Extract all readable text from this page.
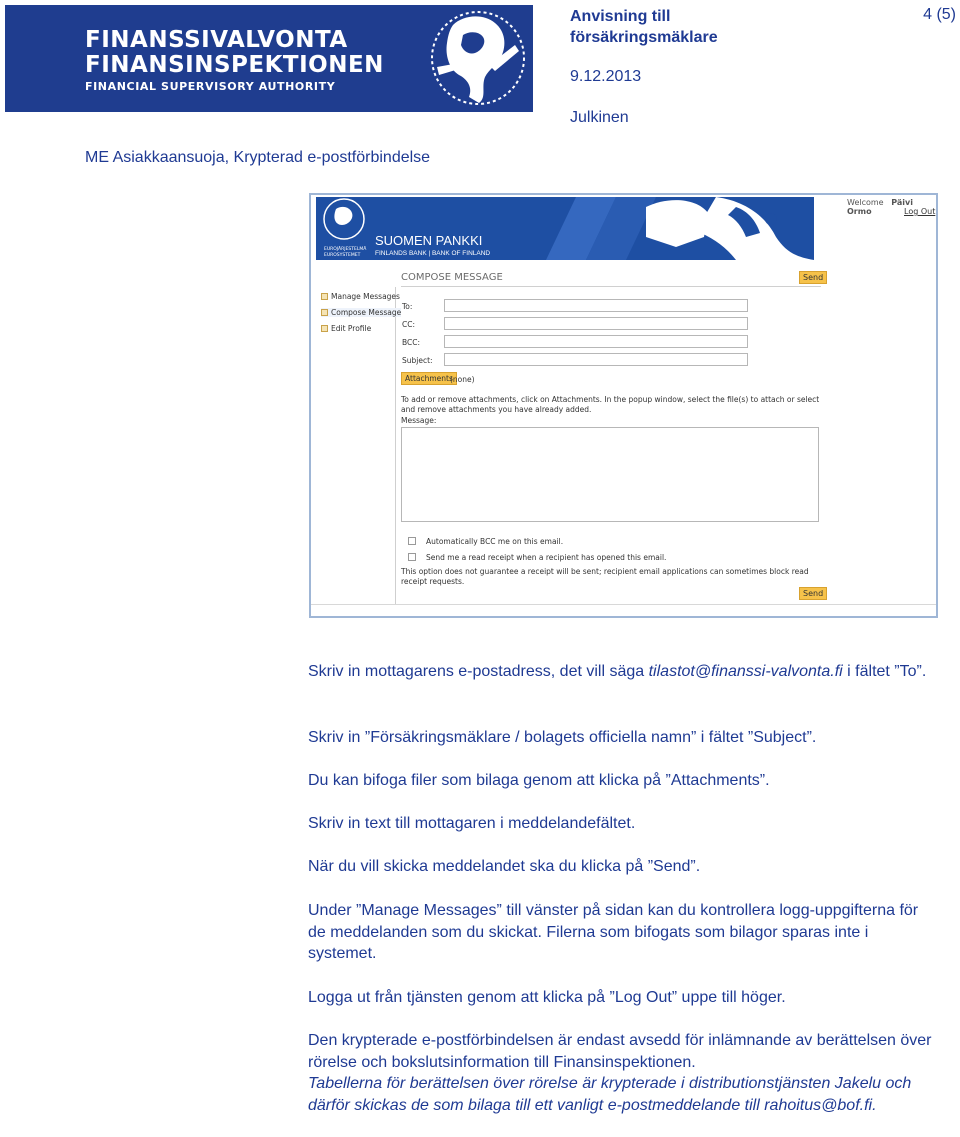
FINANSSIVALVONTA
FINANSINSPEKTIONEN
FINANCIAL SUPERVISORY AUTHORITY
Anvisning till
försäkringsmäklare
4 (5)
9.12.2013
Julkinen
ME Asiakkaansuoja, Krypterad e-postförbindelse
EUROJÄRJESTELMÄ EUROSYSTEMET
SUOMEN PANKKI
FINLANDS BANK | BANK OF FINLAND
Welcome Päivi Ormo	Log Out
COMPOSE MESSAGE	Send
Manage Messages
Compose Message
Edit Profile
To:
CC:
BCC:
Subject:
Attachments
(none)
To add or remove attachments, click on Attachments. In the popup window, select the file(s) to attach or select and remove attachments you have already added.
Message:
Automatically BCC me on this email.
Send me a read receipt when a recipient has opened this email.
This option does not guarantee a receipt will be sent; recipient email applications can sometimes block read receipt requests.
Send
Skriv in mottagarens e-postadress, det vill säga tilastot@finanssi-valvonta.fi i fältet ”To”.
Skriv in ”Försäkringsmäklare / bolagets officiella namn” i fältet ”Subject”.
Du kan bifoga filer som bilaga genom att klicka på ”Attachments”.
Skriv in text till mottagaren i meddelandefältet.
När du vill skicka meddelandet ska du klicka på ”Send”.
Under ”Manage Messages” till vänster på sidan kan du kontrollera logg-uppgifterna för de meddelanden som du skickat. Filerna som bifogats som bilagor sparas inte i systemet.
Logga ut från tjänsten genom att klicka på ”Log Out” uppe till höger.
Den krypterade e-postförbindelsen är endast avsedd för inlämnande av berättelsen över rörelse och bokslutsinformation till Finansinspektionen.
Tabellerna för berättelsen över rörelse är krypterade i distributionstjänsten Jakelu och därför skickas de som bilaga till ett vanligt e-postmeddelande till rahoitus@bof.fi.
